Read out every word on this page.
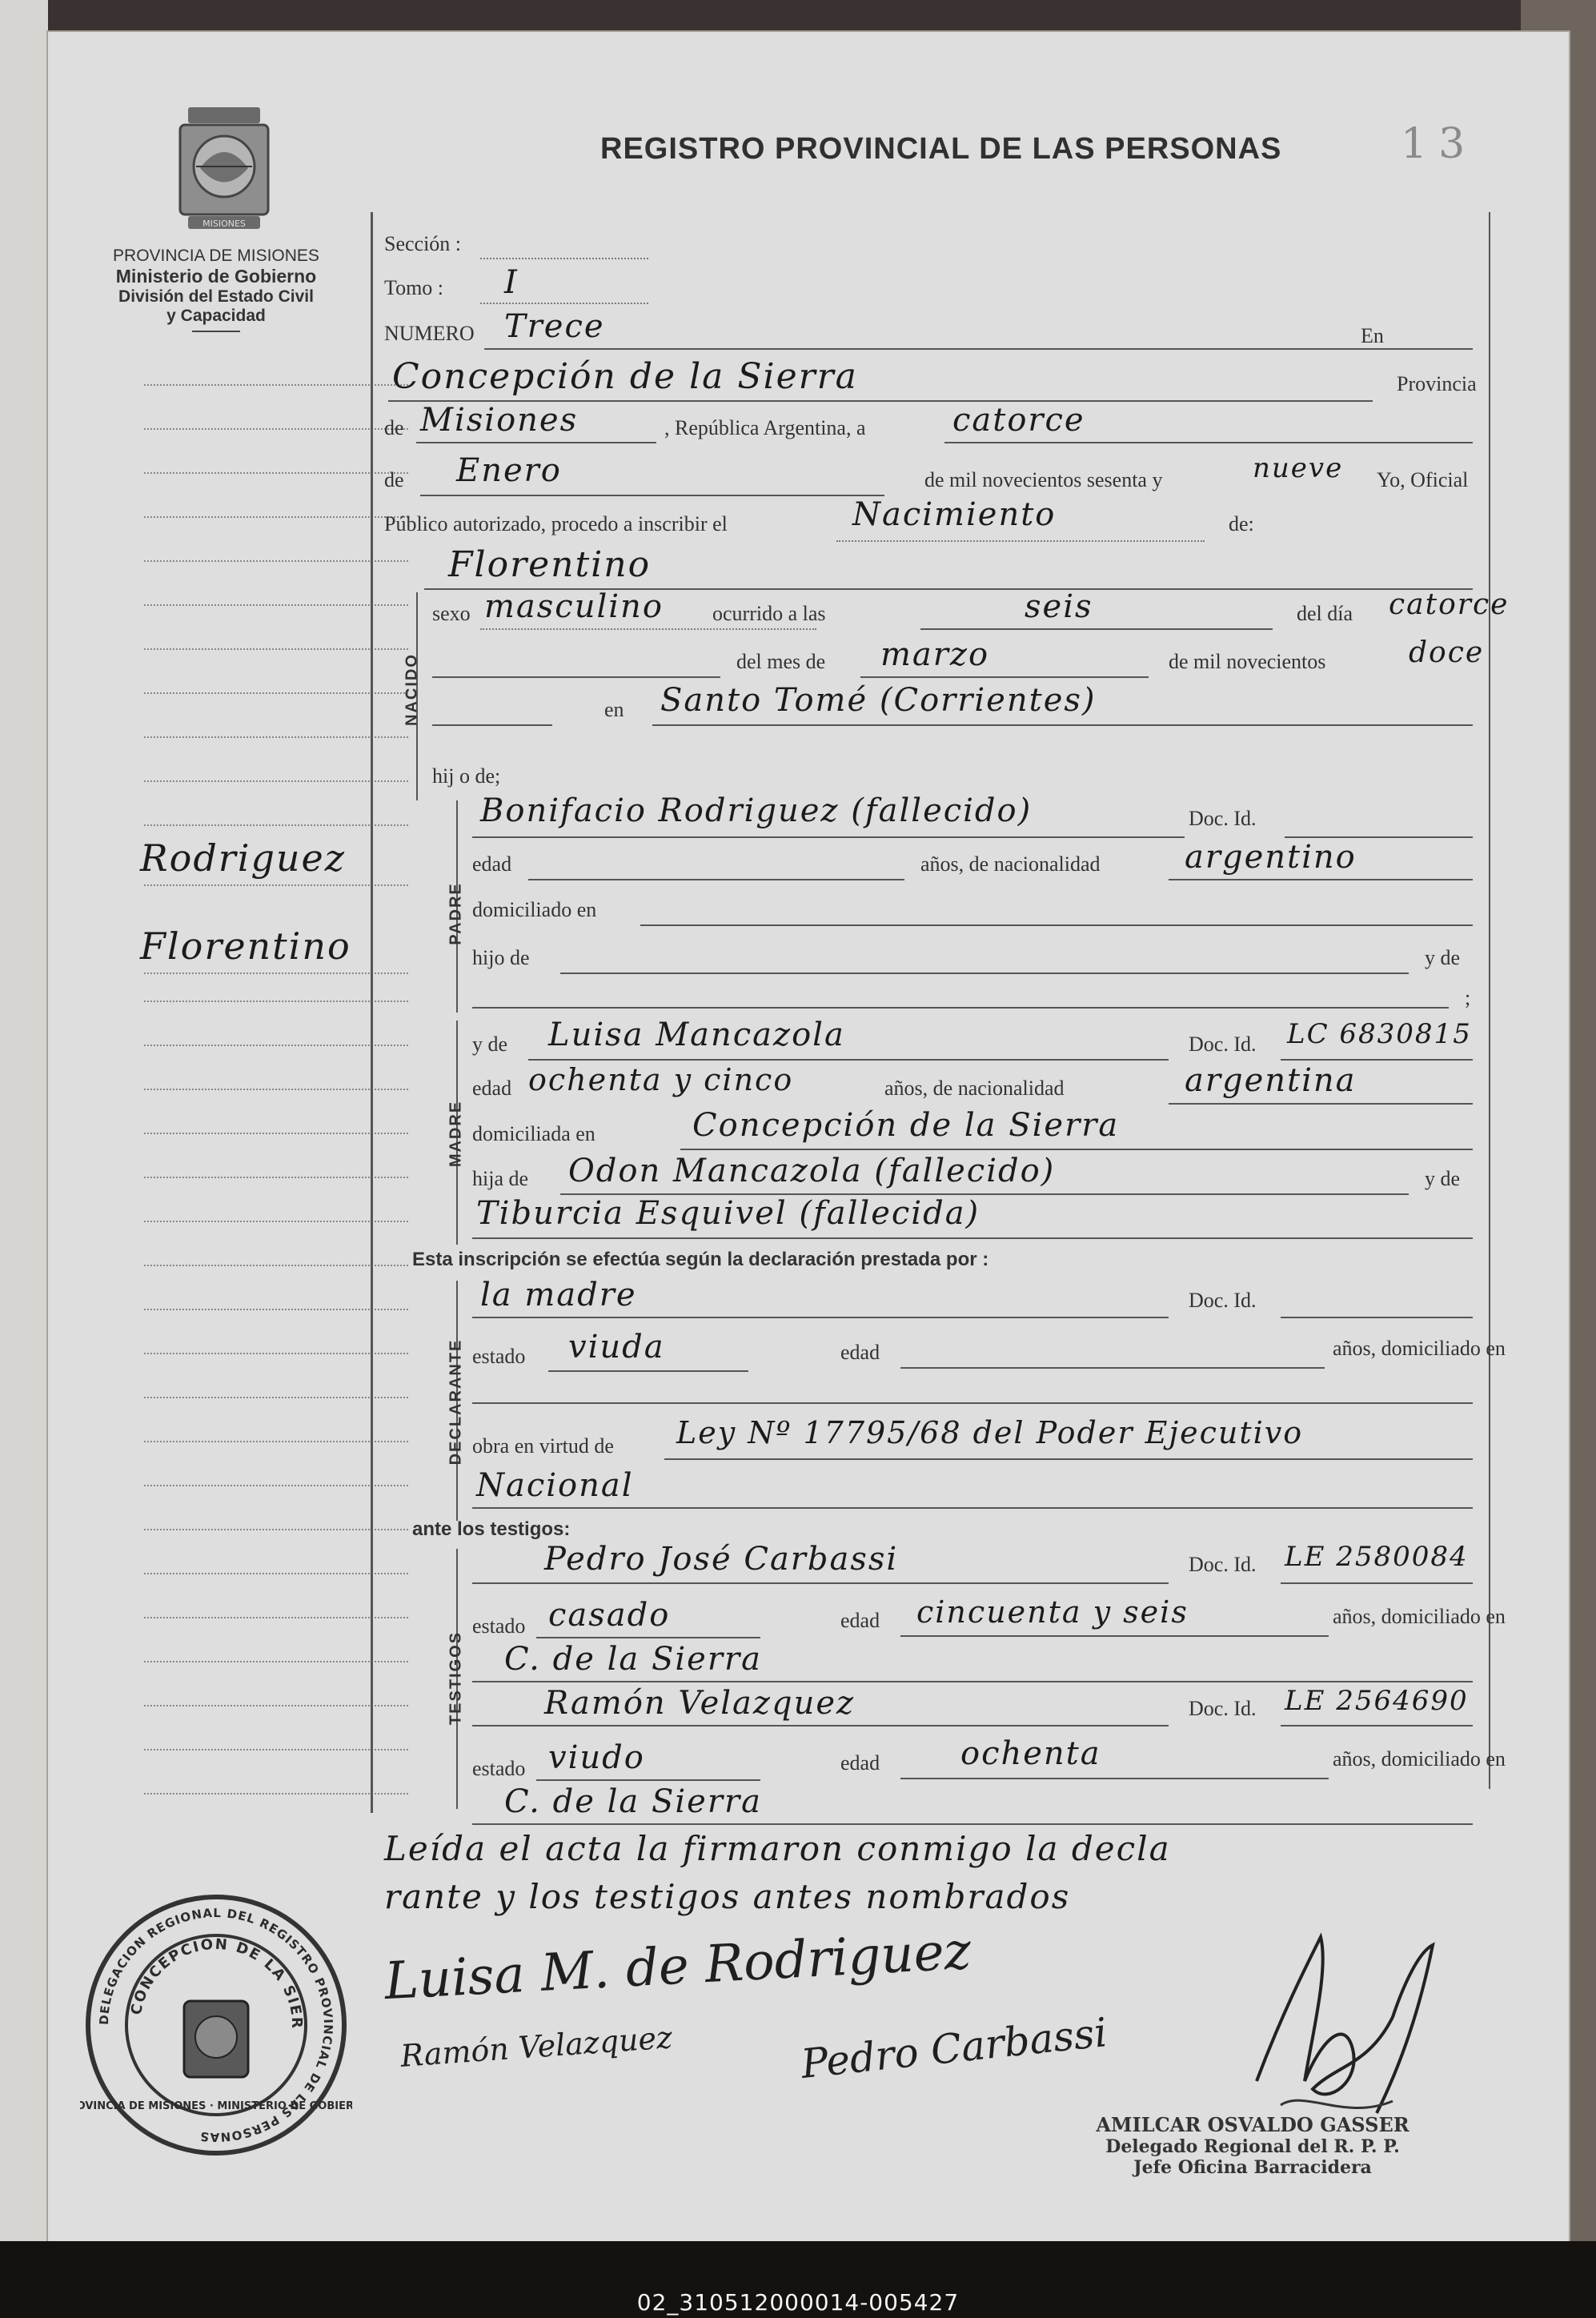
REGISTRO PROVINCIAL DE LAS PERSONAS	13
MISIONES
PROVINCIA DE MISIONES
Ministerio de Gobierno
División del Estado Civil
y Capacidad
Rodriguez
Florentino
Sección :
Tomo : I
NUMERO Trece	En
Concepción de la Sierra	Provincia
de Misiones	, República Argentina, a	catorce
de Enero	de mil novecientos sesenta y	nueve Yo, Oficial
Público autorizado, procedo a inscribir el	Nacimiento	de:
Florentino
NACIDO
sexo masculino ocurrido a las	seis	del día catorce
del mes de marzo	de mil novecientos	doce
en Santo Tomé (Corrientes)
hij o de;
PADRE
Bonifacio Rodriguez (fallecido)	Doc. Id.
edad	años, de nacionalidad	argentino
domiciliado en
hijo de	y de
;
MADRE
y de Luisa Mancazola	Doc. Id. LC 6830815
edad ochenta y cinco	años, de nacionalidad	argentina
domiciliada en	Concepción de la Sierra
hija de Odon Mancazola (fallecido)	y de
Tiburcia Esquivel (fallecida)
Esta inscripción se efectúa según la declaración prestada por :
DECLARANTE
la madre	Doc. Id.
estado viuda	edad	años, domiciliado en
obra en virtud de Ley Nº 17795/68 del Poder Ejecutivo
Nacional
ante los testigos:
TESTIGOS
Pedro José Carbassi	Doc. Id. LE 2580084
estado casado	edad cincuenta y seis	años, domiciliado en
C. de la Sierra
Ramón Velazquez	Doc. Id. LE 2564690
estado viudo	edad	ochenta	años, domiciliado en
C. de la Sierra
Leída el acta la firmaron conmigo la decla
rante y los testigos antes nombrados
Luisa M. de Rodriguez
Ramón Velazquez	Pedro Carbassi
AMILCAR OSVALDO GASSER
Delegado Regional del R. P. P.
Jefe Oficina Barracidera
DELEGACION REGIONAL DEL REGISTRO PROVINCIAL DE LAS PERSONAS
CONCEPCION DE LA SIER
OVINCIA DE MISIONES · MINISTERIO DE GOBIER
02_310512000014-005427
